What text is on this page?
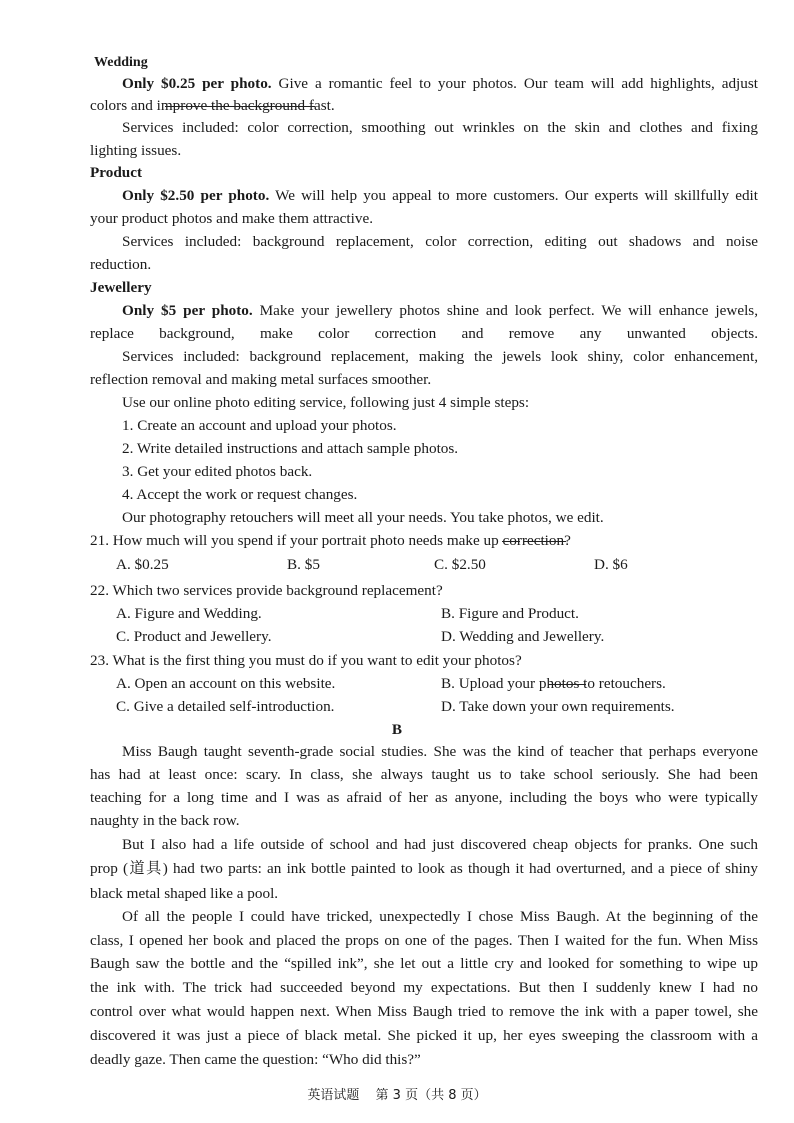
Wedding
Only $0.25 per photo. Give a romantic feel to your photos. Our team will add highlights, adjust
colors and improve the background fast.
Services included: color correction, smoothing out wrinkles on the skin and clothes and fixing
lighting issues.
Product
Only $2.50 per photo. We will help you appeal to more customers. Our experts will skillfully edit
your product photos and make them attractive.
Services included: background replacement, color correction, editing out shadows and noise
reduction.
Jewellery
Only $5 per photo. Make your jewellery photos shine and look perfect. We will enhance jewels,
replace background, make color correction and remove any unwanted objects.
Services included: background replacement, making the jewels look shiny, color enhancement,
reflection removal and making metal surfaces smoother.
Use our online photo editing service, following just 4 simple steps:
1. Create an account and upload your photos.
2. Write detailed instructions and attach sample photos.
3. Get your edited photos back.
4. Accept the work or request changes.
Our photography retouchers will meet all your needs. You take photos, we edit.
21. How much will you spend if your portrait photo needs make up correction?
A. $0.25	B. $5	C. $2.50	D. $6
22. Which two services provide background replacement?
A. Figure and Wedding.	B. Figure and Product.
C. Product and Jewellery.	D. Wedding and Jewellery.
23. What is the first thing you must do if you want to edit your photos?
A. Open an account on this website.	B. Upload your photos to retouchers.
C. Give a detailed self-introduction.	D. Take down your own requirements.
B
Miss Baugh taught seventh-grade social studies. She was the kind of teacher that perhaps everyone
has had at least once: scary. In class, she always taught us to take school seriously. She had been
teaching for a long time and I was as afraid of her as anyone, including the boys who were typically
naughty in the back row.
But I also had a life outside of school and had just discovered cheap objects for pranks. One such
prop (道具) had two parts: an ink bottle painted to look as though it had overturned, and a piece of shiny
black metal shaped like a pool.
Of all the people I could have tricked, unexpectedly I chose Miss Baugh. At the beginning of the
class, I opened her book and placed the props on one of the pages. Then I waited for the fun. When Miss
Baugh saw the bottle and the “spilled ink”, she let out a little cry and looked for something to wipe up
the ink with. The trick had succeeded beyond my expectations. But then I suddenly knew I had no
control over what would happen next. When Miss Baugh tried to remove the ink with a paper towel, she
discovered it was just a piece of black metal. She picked it up, her eyes sweeping the classroom with a
deadly gaze. Then came the question: “Who did this?”
英语试题 第 3 页（共 8 页）
